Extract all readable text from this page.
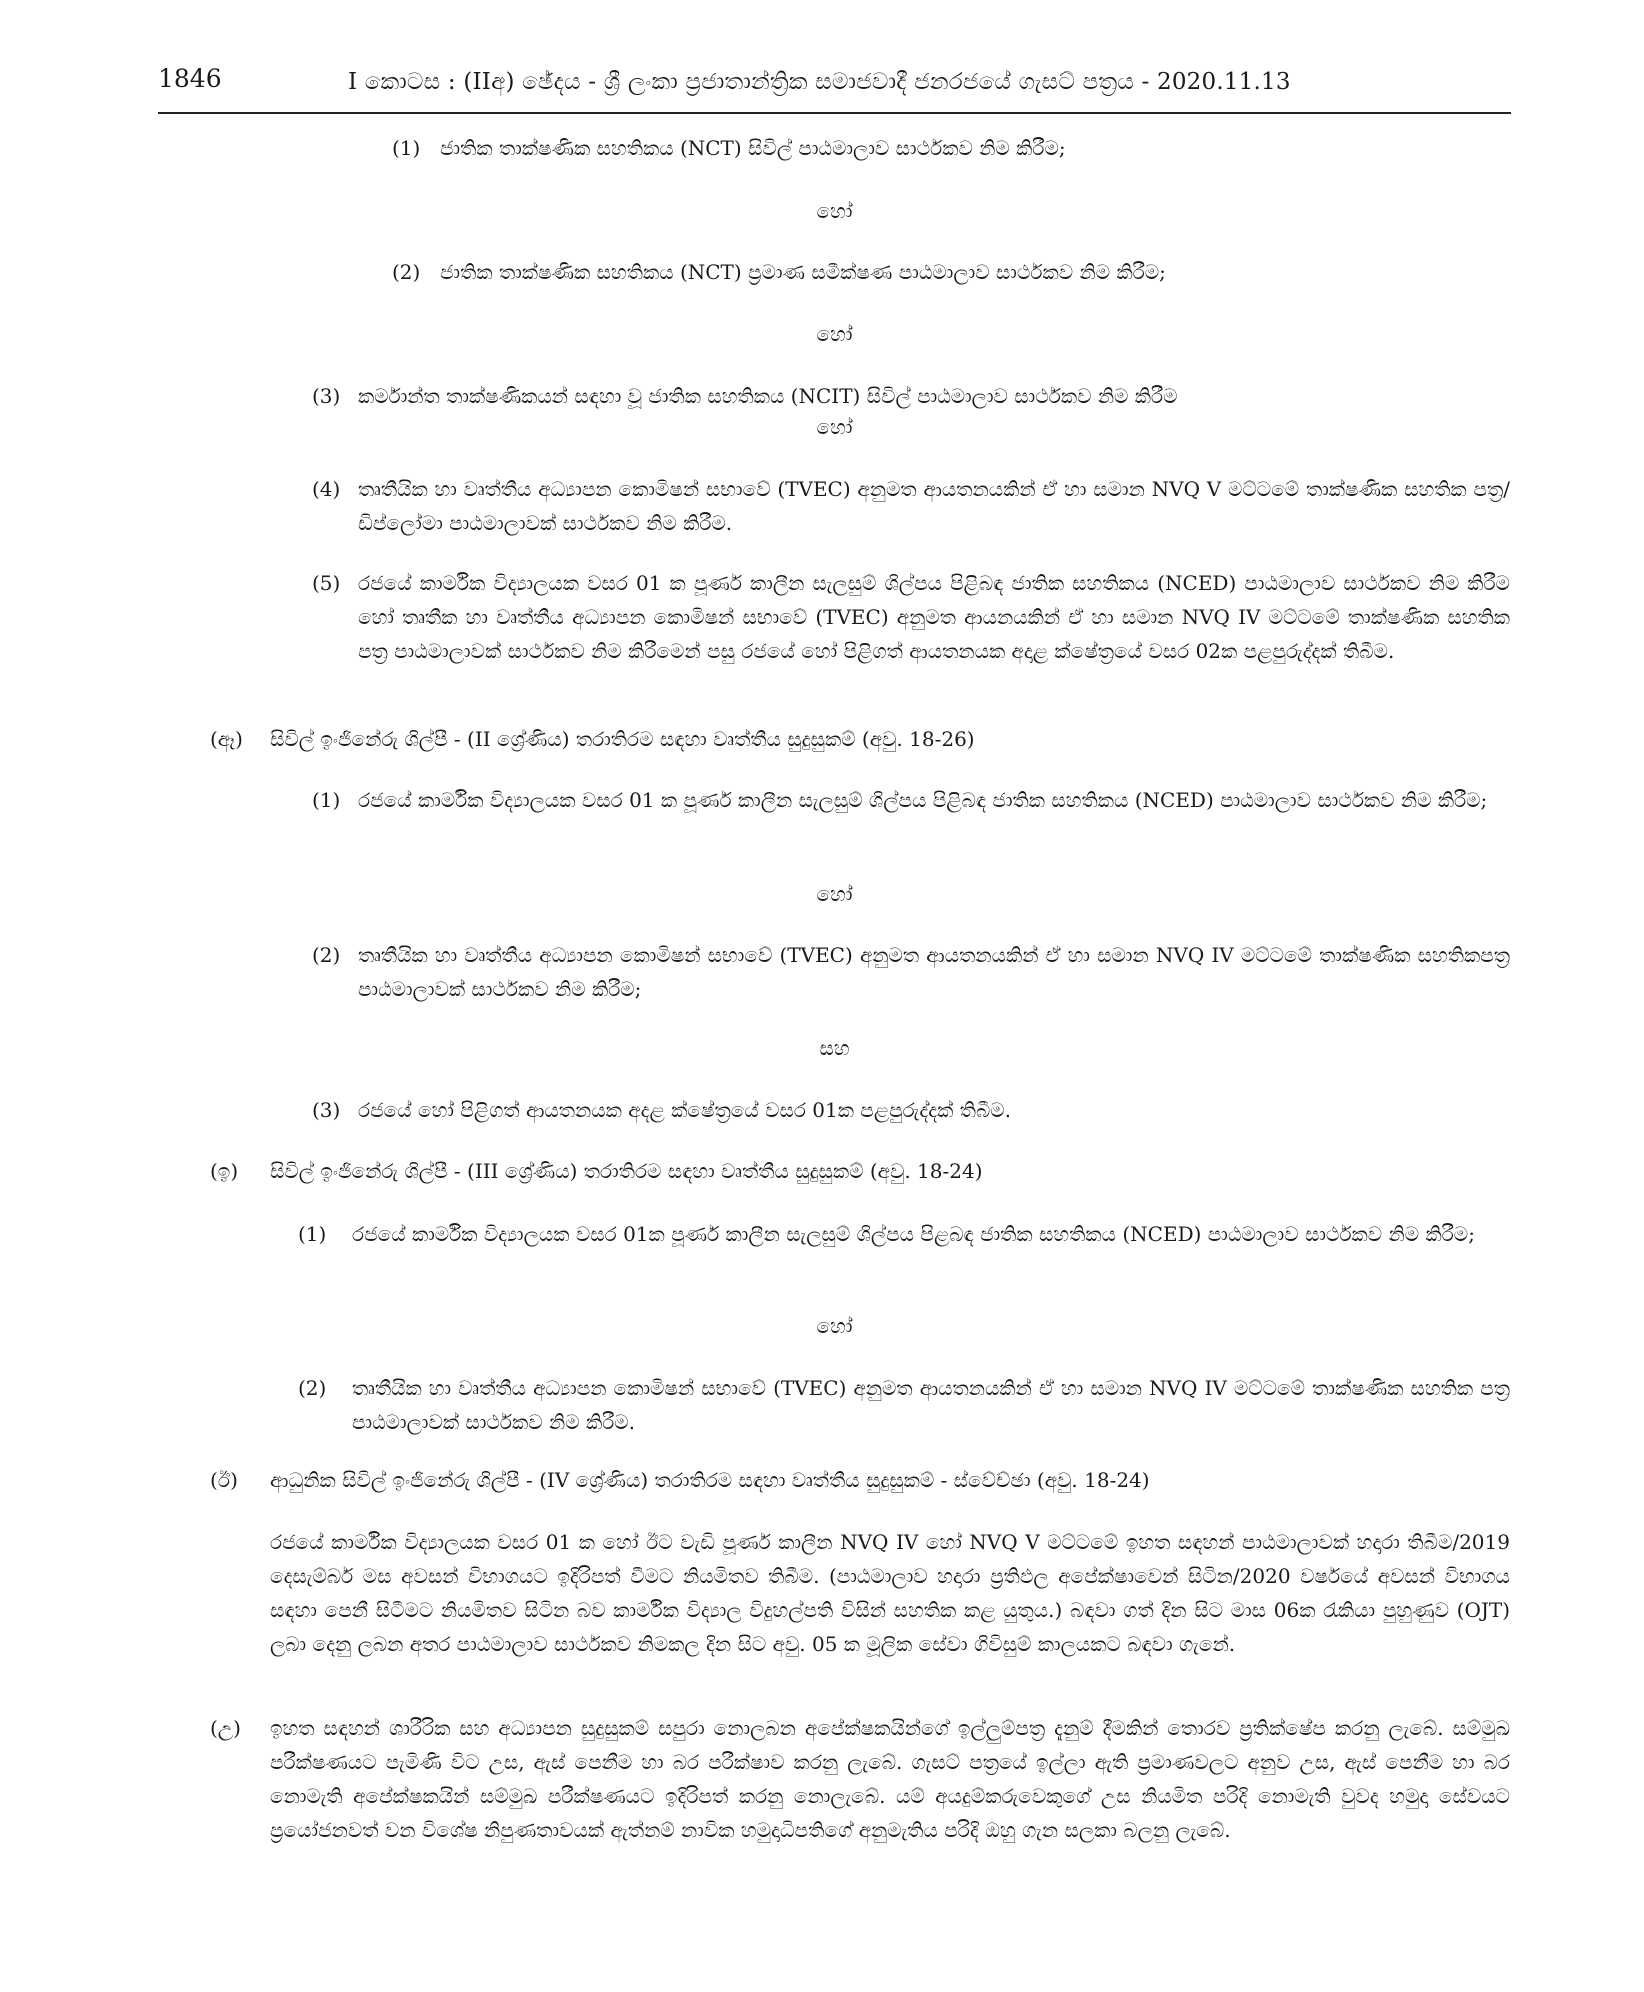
1846	I කොටස : (IIඅ) ඡේදය - ශ්‍රී ලංකා ප්‍රජාතාන්ත්‍රික සමාජවාදී ජනරජයේ ගැසට් පත්‍රය - 2020.11.13
(1) ජාතික තාක්ෂණික සහතිකය (NCT) සිවිල් පාඨමාලාව සාර්ථකව නිම කිරීම;
හෝ
(2) ජාතික තාක්ෂණික සහතිකය (NCT) ප්‍රමාණ සමීක්ෂණ පාඨමාලාව සාර්ථකව නිම කිරීම;
හෝ
(3) කර්මාන්ත තාක්ෂණිකයන් සඳහා වූ ජාතික සහතිකය (NCIT) සිවිල් පාඨමාලාව සාර්ථකව නිම කිරීම
හෝ
(4) තෘතීයික හා වෘත්තීය අධ්‍යාපන කොමිෂන් සභාවේ (TVEC) අනුමත ආයතනයකින් ඒ හා සමාන NVQ V මට්ටමේ තාක්ෂණික සහතික පත්‍ර/ඩිප්ලෝමා පාඨමාලාවක් සාර්ථකව නිම කිරීම.
(5) රජයේ කාර්මික විද්‍යාලයක වසර 01 ක පූර්ණ කාලීන සැලසුම් ශිල්පය පිළිබඳ ජාතික සහතිකය (NCED) පාඨමාලාව සාර්ථකව නිම කිරීම හෝ තෘතීක හා වෘත්තීය අධ්‍යාපන කොමිෂන් සභාවේ (TVEC) අනුමත ආයනයකින් ඒ හා සමාන NVQ IV මට්ටමේ තාක්ෂණික සහතික පත්‍ර පාඨමාලාවක් සාර්ථකව නිම කිරීමෙන් පසු රජයේ හෝ පිළිගත් ආයතනයක අදාළ ක්ෂේත්‍රයේ වසර 02ක පළපුරුද්දක් තිබීම.
(ඈ) සිවිල් ඉංජිනේරු ශිල්පී - (II ශ්‍රේණිය) තරාතිරම සඳහා වෘත්තීය සුදුසුකම් (අවු. 18-26)
(1) රජයේ කාර්මික විද්‍යාලයක වසර 01 ක පූර්ණ කාලීන සැලසුම් ශිල්පය පිළිබඳ ජාතික සහතිකය (NCED) පාඨමාලාව සාර්ථකව නිම කිරීම;
හෝ
(2) තෘතීයික හා වෘත්තීය අධ්‍යාපන කොමිෂන් සභාවේ (TVEC) අනුමත ආයතනයකින් ඒ හා සමාන NVQ IV මට්ටමේ තාක්ෂණික සහතිකපත්‍ර පාඨමාලාවක් සාර්ථකව නිම කිරීම;
සහ
(3) රජයේ හෝ පිළිගත් ආයතනයක අදළ ක්ෂේත්‍රයේ වසර 01ක පළපුරුද්දක් තිබීම.
(ඉ) සිවිල් ඉංජිනේරු ශිල්පී - (III ශ්‍රේණිය) තරාතිරම සඳහා වෘත්තීය සුදුසුකම් (අවු. 18-24)
(1) රජයේ කාර්මික විද්‍යාලයක වසර 01ක පූර්ණ කාලීන සැලසුම් ශිල්පය පිළබඳ ජාතික සහතිකය (NCED) පාඨමාලාව සාර්ථකව නිම කිරීම;
හෝ
(2) තෘතීයික හා වෘත්තීය අධ්‍යාපන කොමිෂන් සභාවේ (TVEC) අනුමත ආයතනයකින් ඒ හා සමාන NVQ IV මට්ටමේ තාක්ෂණික සහතික පත්‍ර පාඨමාලාවක් සාර්ථකව නිම කිරීම.
(ඊ) ආධුනික සිවිල් ඉංජිනේරු ශිල්පී - (IV ශ්‍රේණිය) තරාතිරම සඳහා වෘත්තීය සුදුසුකම් - ස්වේච්ඡා (අවු. 18-24)
රජයේ කාර්මික විද්‍යාලයක වසර 01 ක හෝ ඊට වැඩි පූර්ණ කාලීන NVQ IV හෝ NVQ V මට්ටමේ ඉහත සඳහන් පාඨමාලාවක් හදාරා තිබීම/2019 දෙසැම්බර් මස අවසන් විභාගයට ඉදිරිපත් වීමට නියමිතව තිබීම. (පාඨමාලාව හදාරා ප්‍රතිඵල අපේක්ෂාවෙන් සිටින/2020 වර්ෂයේ අවසන් විභාගය සඳහා පෙනී සිටීමට නියමිතව සිටින බව කාර්මික විද්‍යාල විදුහල්පති විසින් සහතික කළ යුතුය.) බඳවා ගත් දින සිට මාස 06ක රැකියා පුහුණුව (OJT) ලබා දෙනු ලබන අතර පාඨමාලාව සාර්ථකව නිමකල දින සිට අවු. 05 ක මූලික සේවා ගිවිසුම් කාලයකට බඳවා ගැනේ.
(උ) ඉහත සඳහන් ශාරීරික සහ අධ්‍යාපන සුදුසුකම් සපුරා නොලබන අපේක්ෂකයින්ගේ ඉල්ලුම්පත්‍ර දැනුම් දීමකින් තොරව ප්‍රතික්ෂේප කරනු ලැබේ. සම්මුඛ පරීක්ෂණයට පැමිණි විට උස, ඇස් පෙනීම හා බර පරීක්ෂාව කරනු ලැබේ. ගැසට් පත්‍රයේ ඉල්ලා ඇති ප්‍රමාණවලට අනුව උස, ඇස් පෙනීම හා බර නොමැති අපේක්ෂකයින් සම්මුඛ පරීක්ෂණයට ඉදිරිපත් කරනු නොලැබේ. යම් අයදුම්කරුවෙකුගේ උස නියමිත පරිදි නොමැති වුවද හමුදා සේවයට ප්‍රයෝජනවත් වන විශේෂ නිපුණතාවයක් ඇත්නම් නාවික හමුදාධිපතිගේ අනුමැතිය පරිදි ඔහු ගැන සලකා බලනු ලැබේ.
